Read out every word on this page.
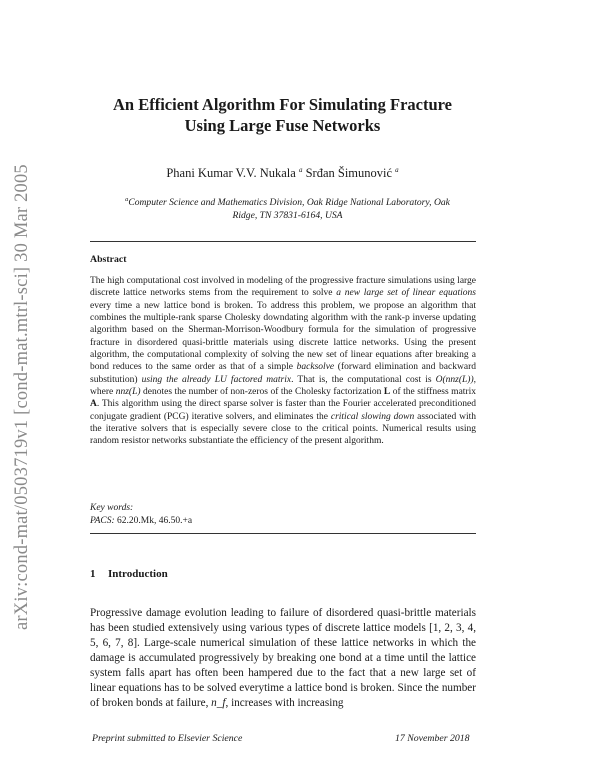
arXiv:cond-mat/0503719v1 [cond-mat.mtrl-sci] 30 Mar 2005
An Efficient Algorithm For Simulating Fracture
Using Large Fuse Networks
Phani Kumar V.V. Nukala $^a$ Srđan Šimunović $^a$
$^a$Computer Science and Mathematics Division, Oak Ridge National Laboratory, Oak
Ridge, TN 37831-6164, USA
Abstract

The high computational cost involved in modeling of the progressive fracture simulations using large discrete lattice networks stems from the requirement to solve a new large set of linear equations every time a new lattice bond is broken. To address this problem, we propose an algorithm that combines the multiple-rank sparse Cholesky downdating algorithm with the rank-p inverse updating algorithm based on the Sherman-Morrison-Woodbury formula for the simulation of progressive fracture in disordered quasi-brittle materials using discrete lattice networks. Using the present algorithm, the computational complexity of solving the new set of linear equations after breaking a bond reduces to the same order as that of a simple backsolve (forward elimination and backward substitution) using the already LU factored matrix. That is, the computational cost is O(nnz(L)), where nnz(L) denotes the number of non-zeros of the Cholesky factorization L of the stiffness matrix A. This algorithm using the direct sparse solver is faster than the Fourier accelerated preconditioned conjugate gradient (PCG) iterative solvers, and eliminates the critical slowing down associated with the iterative solvers that is especially severe close to the critical points. Numerical results using random resistor networks substantiate the efficiency of the present algorithm.

Key words:
PACS: 62.20.Mk, 46.50.+a
1 Introduction

Progressive damage evolution leading to failure of disordered quasi-brittle materials has been studied extensively using various types of discrete lattice models [1, 2, 3, 4, 5, 6, 7, 8]. Large-scale numerical simulation of these lattice networks in which the damage is accumulated progressively by breaking one bond at a time until the lattice system falls apart has often been hampered due to the fact that a new large set of linear equations has to be solved everytime a lattice bond is broken. Since the number of broken bonds at failure, n_f, increases with increasing

Preprint submitted to Elsevier Science	17 November 2018
